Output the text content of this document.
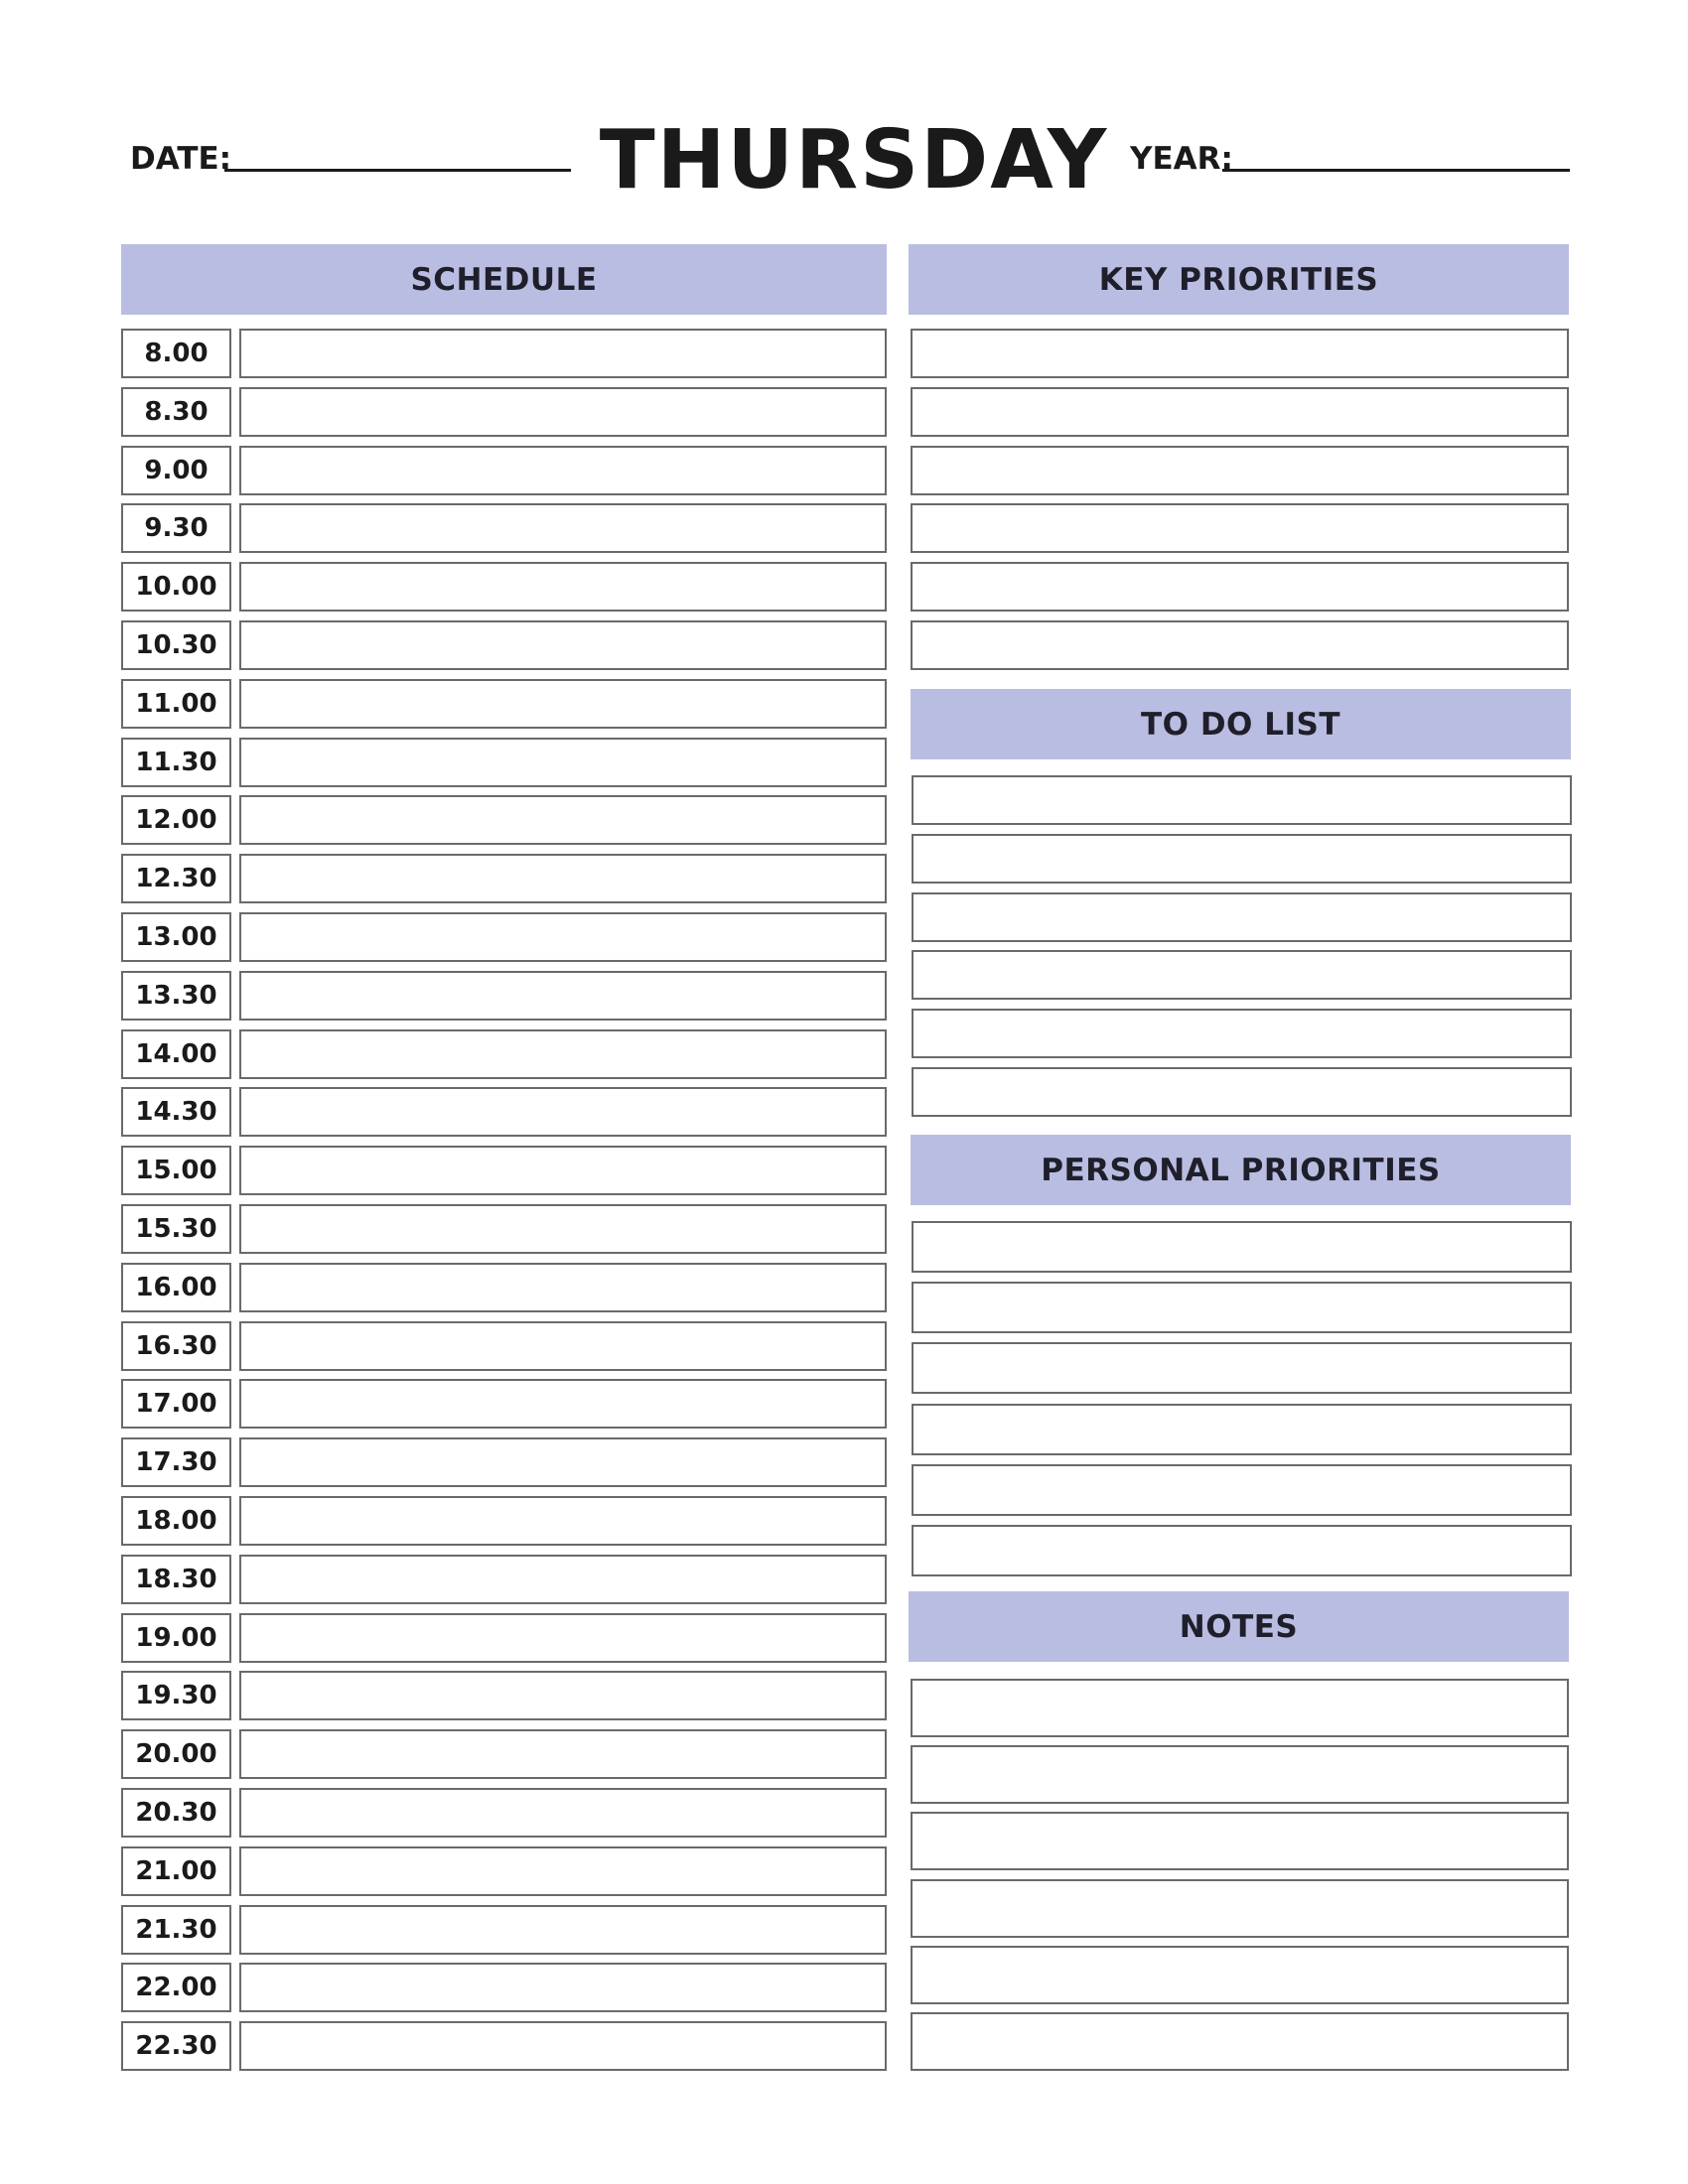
DATE:	THURSDAY YEAR:
SCHEDULE	KEY PRIORITIES
TO DO LIST
PERSONAL PRIORITIES
NOTES
8.00
8.30
9.00
9.30
10.00
10.30
11.00
11.30
12.00
12.30
13.00
13.30
14.00
14.30
15.00
15.30
16.00
16.30
17.00
17.30
18.00
18.30
19.00
19.30
20.00
20.30
21.00
21.30
22.00
22.30
